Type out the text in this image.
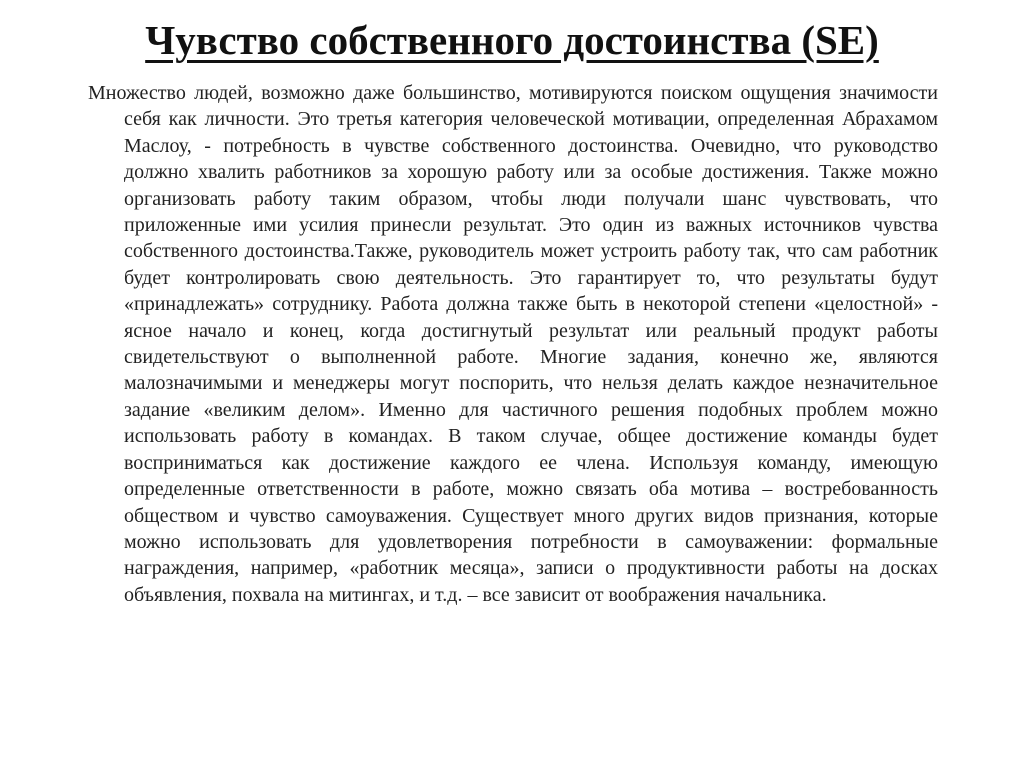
Чувство собственного достоинства (SE)

Множество людей, возможно даже большинство, мотивируются поиском ощущения значимости себя как личности. Это третья категория человеческой мотивации, определенная Абрахамом Маслоу, - потребность в чувстве собственного достоинства. Очевидно, что руководство должно хвалить работников за хорошую работу или за особые достижения. Также можно организовать работу таким образом, чтобы люди получали шанс чувствовать, что приложенные ими усилия принесли результат. Это один из важных источников чувства собственного достоинства.Также, руководитель может устроить работу так, что сам работник будет контролировать свою деятельность. Это гарантирует то, что результаты будут «принадлежать» сотруднику. Работа должна также быть в некоторой степени «целостной» - ясное начало и конец, когда достигнутый результат или реальный продукт работы свидетельствуют о выполненной работе. Многие задания, конечно же, являются малозначимыми и менеджеры могут поспорить, что нельзя делать каждое незначительное задание «великим делом». Именно для частичного решения подобных проблем можно использовать работу в командах. В таком случае, общее достижение команды будет восприниматься как достижение каждого ее члена. Используя команду, имеющую определенные ответственности в работе, можно связать оба мотива – востребованность обществом и чувство самоуважения. Существует много других видов признания, которые можно использовать для удовлетворения потребности в самоуважении: формальные награждения, например, «работник месяца», записи о продуктивности работы на досках объявления, похвала на митингах, и т.д. – все зависит от воображения начальника.
